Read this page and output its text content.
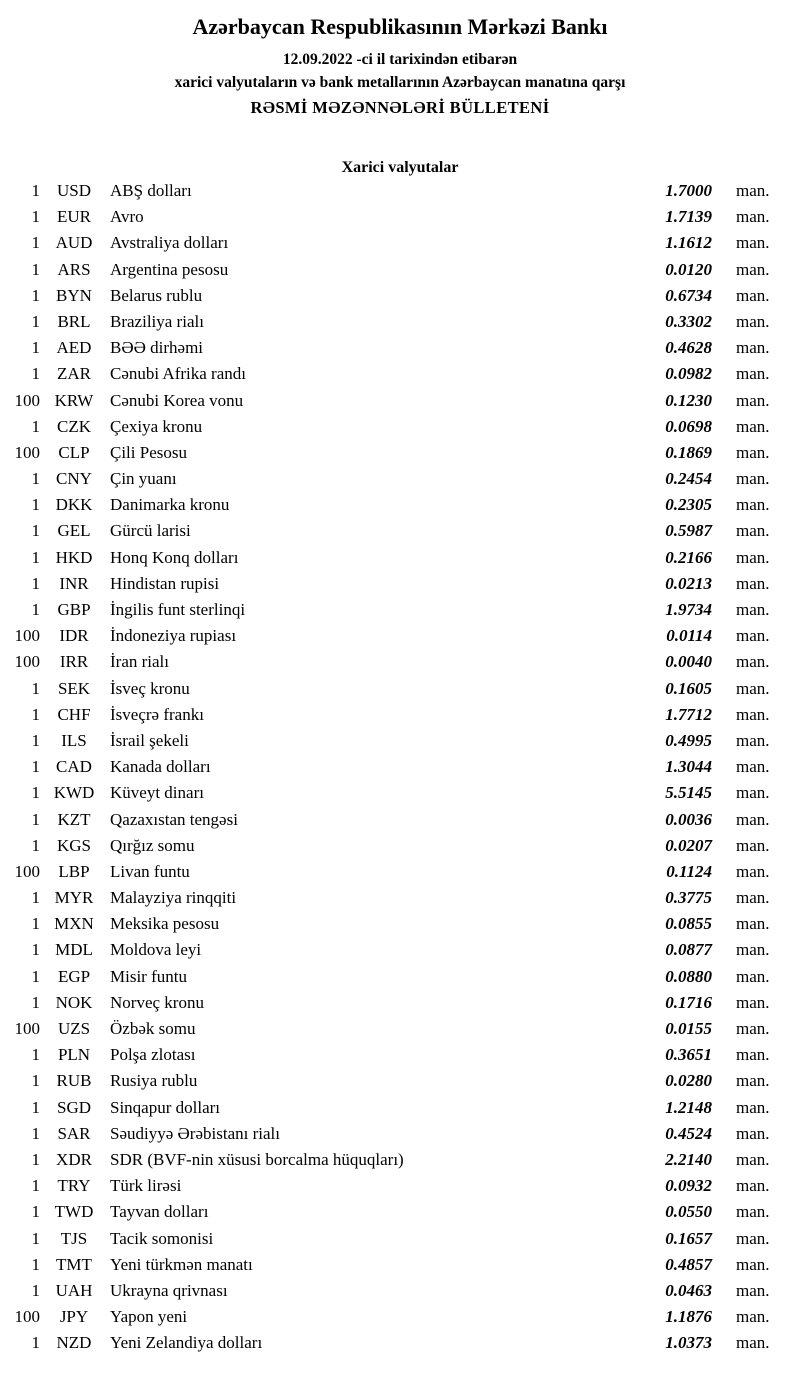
Azərbaycan Respublikasının Mərkəzi Bankı
12.09.2022 -ci il tarixindən etibarən
xarici valyutaların və bank metallarının Azərbaycan manatına qarşı
RƏSMİ MƏZƏNNƏLƏRİ BÜLLETENİ
Xarici valyutalar
1 USD	ABŞ dolları	1.7000	man.
1	EUR	Avro	1.7139	man.
1 AUD	Avstraliya dolları	1.1612	man.
1	ARS	Argentina pesosu	0.0120	man.
1 BYN	Belarus rublu	0.6734	man.
1	BRL	Braziliya rialı	0.3302	man.
1 AED	BƏƏ dirhəmi	0.4628	man.
1	ZAR	Cənubi Afrika randı	0.0982	man.
100 KRW Cənubi Korea vonu	0.1230	man.
1	CZK	Çexiya kronu	0.0698	man.
100	CLP	Çili Pesosu	0.1869	man.
1 CNY	Çin yuanı	0.2454	man.
1 DKK	Danimarka kronu	0.2305	man.
1	GEL	Gürcü larisi	0.5987	man.
1 HKD	Honq Konq dolları	0.2166	man.
1	INR	Hindistan rupisi	0.0213	man.
1	GBP	İngilis funt sterlinqi	1.9734	man.
100	IDR	İndoneziya rupiası	0.0114	man.
100	IRR	İran rialı	0.0040	man.
1	SEK	İsveç kronu	0.1605	man.
1	CHF	İsveçrə frankı	1.7712	man.
1	ILS	İsrail şekeli	0.4995	man.
1 CAD	Kanada dolları	1.3044	man.
1 KWD Küveyt dinarı	5.5145	man.
1	KZT	Qazaxıstan tengəsi	0.0036	man.
1 KGS	Qırğız somu	0.0207	man.
100	LBP	Livan funtu	0.1124	man.
1 MYR Malayziya rinqqiti	0.3775	man.
1 MXN Meksika pesosu	0.0855	man.
1 MDL	Moldova leyi	0.0877	man.
1	EGP	Misir funtu	0.0880	man.
1 NOK	Norveç kronu	0.1716	man.
100	UZS	Özbək somu	0.0155	man.
1	PLN	Polşa zlotası	0.3651	man.
1 RUB	Rusiya rublu	0.0280	man.
1 SGD	Sinqapur dolları	1.2148	man.
1	SAR	Səudiyyə Ərəbistanı rialı	0.4524	man.
1 XDR	SDR (BVF-nin xüsusi borcalma hüquqları)	2.2140	man.
1	TRY	Türk lirəsi	0.0932	man.
1 TWD Tayvan dolları	0.0550	man.
1	TJS	Tacik somonisi	0.1657	man.
1 TMT	Yeni türkmən manatı	0.4857	man.
1 UAH	Ukrayna qrivnası	0.0463	man.
100	JPY	Yapon yeni	1.1876	man.
1 NZD	Yeni Zelandiya dolları	1.0373	man.
